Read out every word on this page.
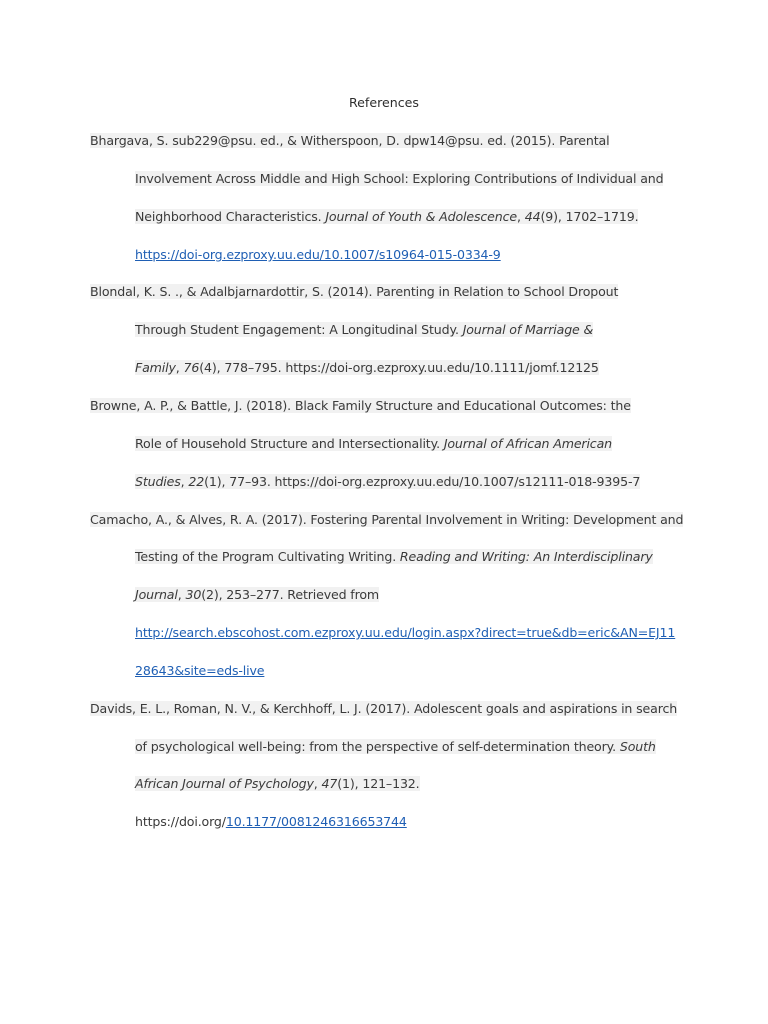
References
Bhargava, S. sub229@psu. ed., & Witherspoon, D. dpw14@psu. ed. (2015). Parental
Involvement Across Middle and High School: Exploring Contributions of Individual and
Neighborhood Characteristics. Journal of Youth & Adolescence, 44(9), 1702–1719.
https://doi-org.ezproxy.uu.edu/10.1007/s10964-015-0334-9
Blondal, K. S. ., & Adalbjarnardottir, S. (2014). Parenting in Relation to School Dropout
Through Student Engagement: A Longitudinal Study. Journal of Marriage &
Family, 76(4), 778–795. https://doi-org.ezproxy.uu.edu/10.1111/jomf.12125
Browne, A. P., & Battle, J. (2018). Black Family Structure and Educational Outcomes: the
Role of Household Structure and Intersectionality. Journal of African American
Studies, 22(1), 77–93. https://doi-org.ezproxy.uu.edu/10.1007/s12111-018-9395-7
Camacho, A., & Alves, R. A. (2017). Fostering Parental Involvement in Writing: Development and
Testing of the Program Cultivating Writing. Reading and Writing: An Interdisciplinary
Journal, 30(2), 253–277. Retrieved from
http://search.ebscohost.com.ezproxy.uu.edu/login.aspx?direct=true&db=eric&AN=EJ11
28643&site=eds-live
Davids, E. L., Roman, N. V., & Kerchhoff, L. J. (2017). Adolescent goals and aspirations in search
of psychological well-being: from the perspective of self-determination theory. South
African Journal of Psychology, 47(1), 121–132.
https://doi.org/10.1177/0081246316653744
